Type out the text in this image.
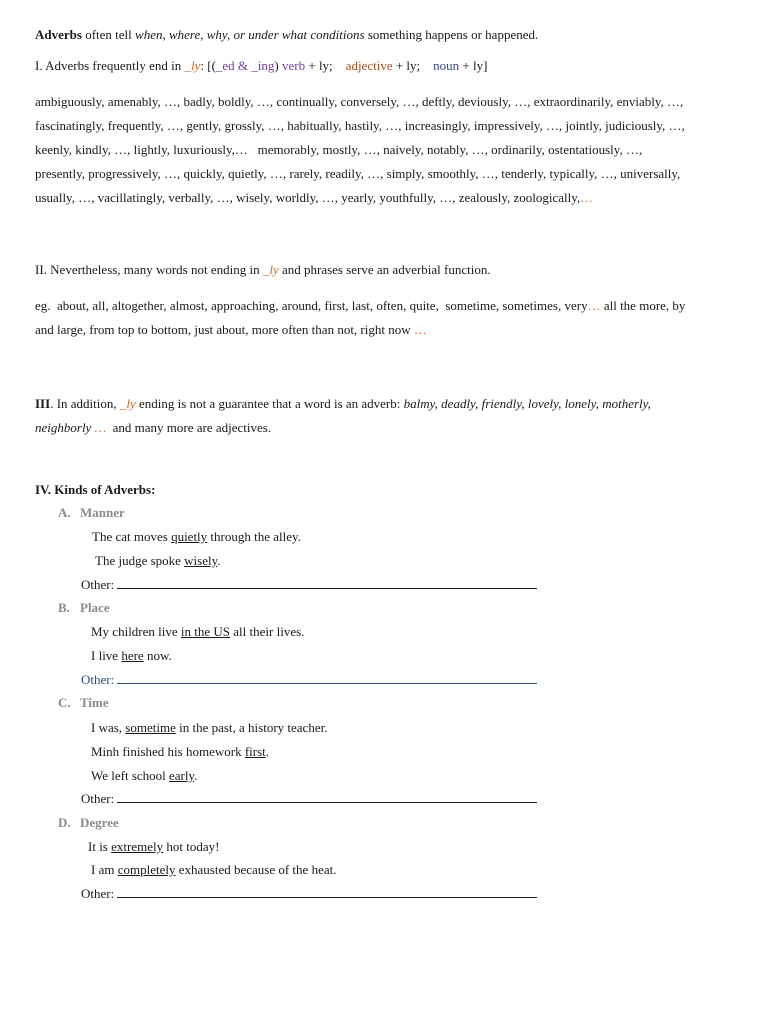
Adverbs often tell when, where, why, or under what conditions something happens or happened.
I. Adverbs frequently end in _ly: [(_ed & _ing) verb + ly;    adjective + ly;    noun + ly]
ambiguously, amenably, …, badly, boldly, …, continually, conversely, …, deftly, deviously, …, extraordinarily, enviably, …,
fascinatingly, frequently, …, gently, grossly, …, habitually, hastily, …, increasingly, impressively, …, jointly, judiciously, …,
keenly, kindly, …, lightly, luxuriously,…   memorably, mostly, …, naively, notably, …, ordinarily, ostentatiously, …,
presently, progressively, …, quickly, quietly, …, rarely, readily, …, simply, smoothly, …, tenderly, typically, …, universally,
usually, …, vacillatingly, verbally, …, wisely, worldly, …, yearly, youthfully, …, zealously, zoologically,…
II. Nevertheless, many words not ending in _ly and phrases serve an adverbial function.
eg.  about, all, altogether, almost, approaching, around, first, last, often, quite,  sometime, sometimes, very… all the more, by
and large, from top to bottom, just about, more often than not, right now …
III. In addition, _ly ending is not a guarantee that a word is an adverb: balmy, deadly, friendly, lovely, lonely, motherly,
neighborly …  and many more are adjectives.
IV. Kinds of Adverbs:
A. Manner
The cat moves quietly through the alley.
The judge spoke wisely.
Other:
B. Place
My children live in the US all their lives.
I live here now.
Other:
C. Time
I was, sometime in the past, a history teacher.
Minh finished his homework first.
We left school early.
Other:
D. Degree
It is extremely hot today!
I am completely exhausted because of the heat.
Other:
